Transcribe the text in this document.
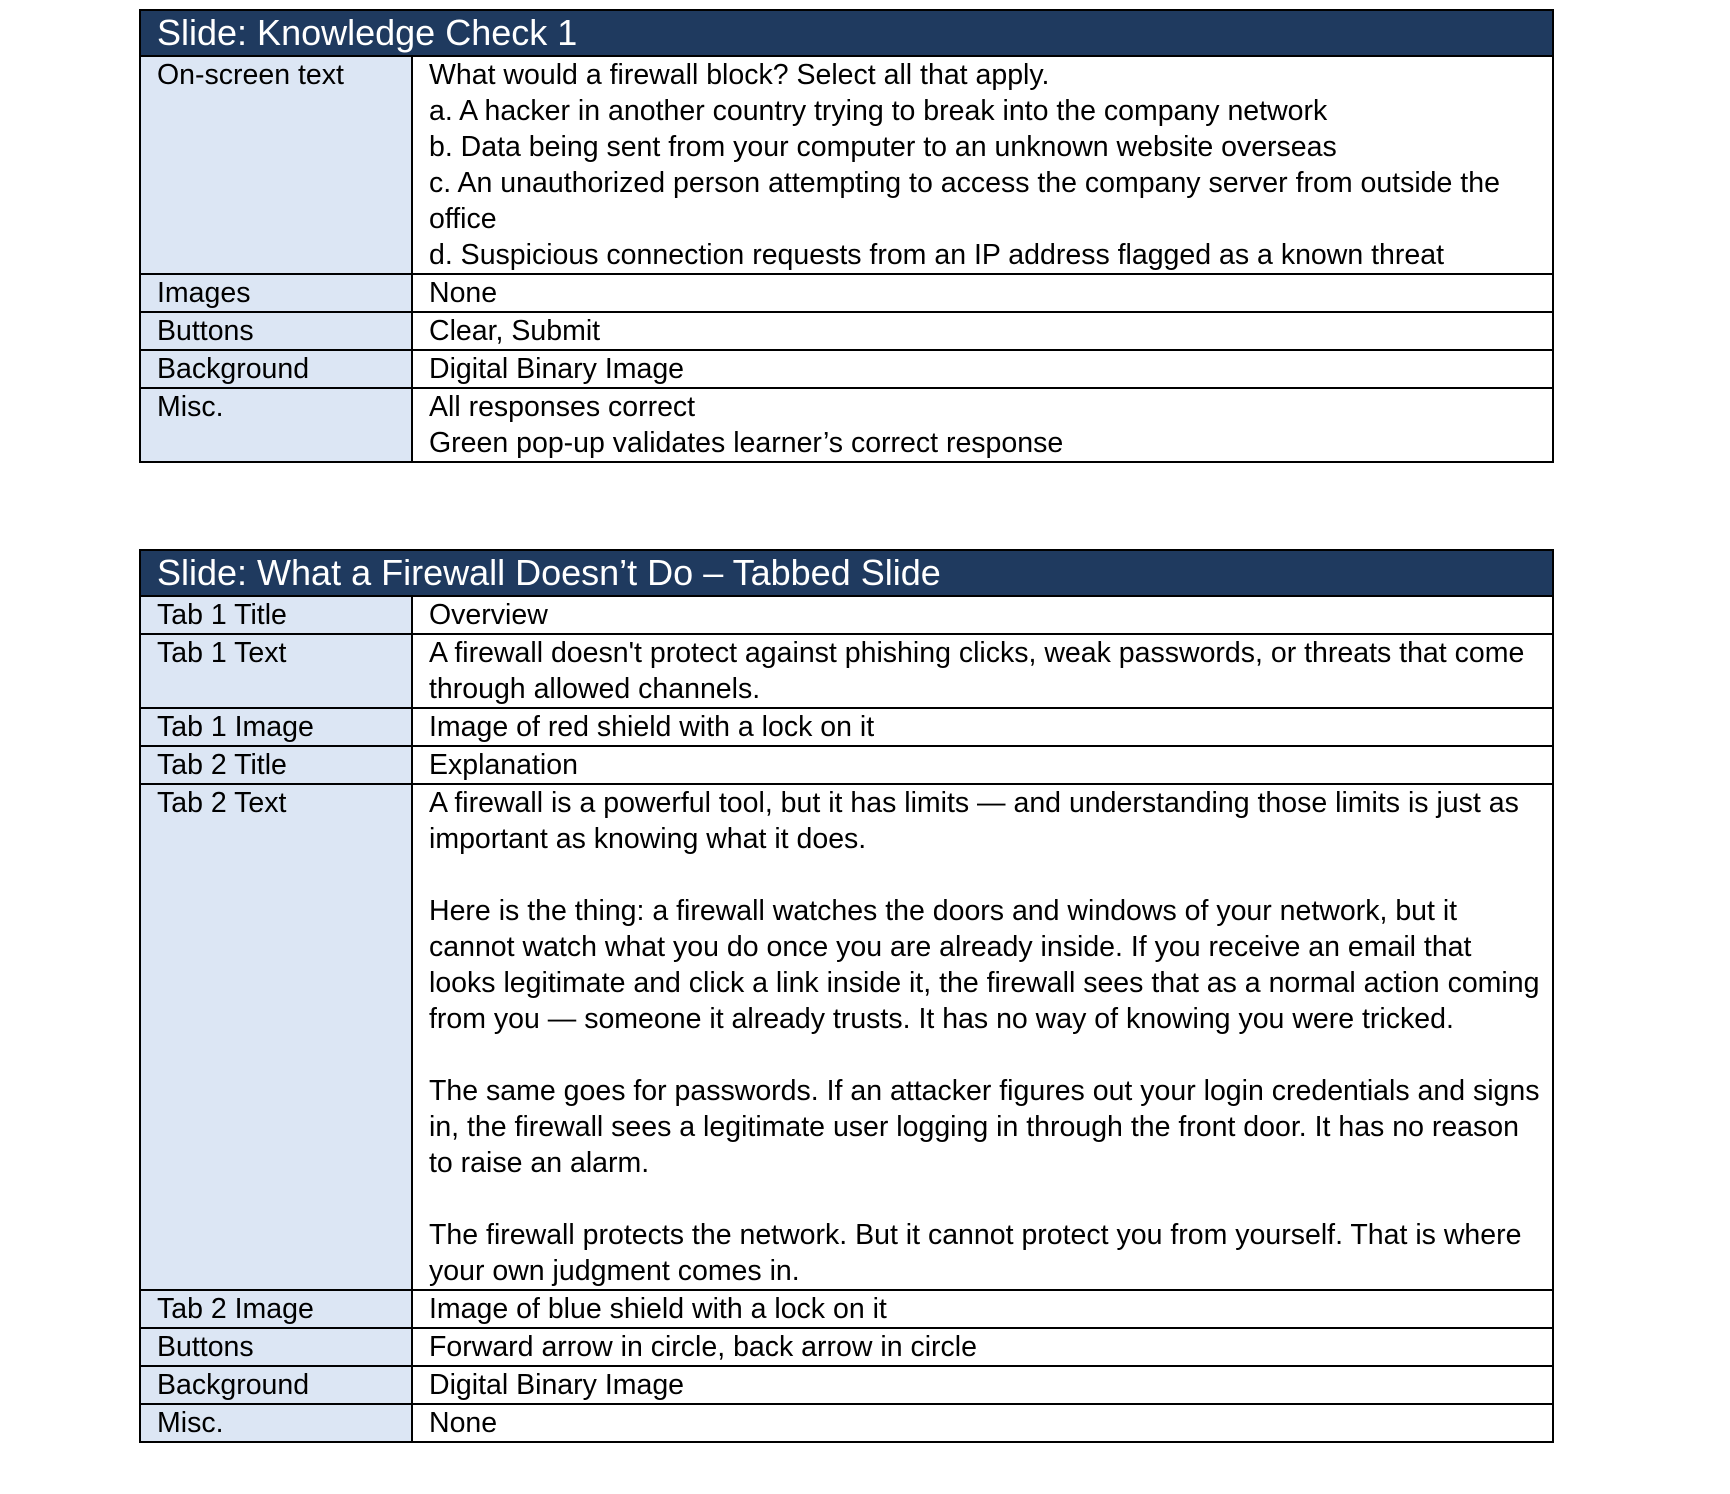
Slide: Knowledge Check 1	
On-screen text	What would a firewall block? Select all that apply.
a. A hacker in another country trying to break into the company network
b. Data being sent from your computer to an unknown website overseas
c. An unauthorized person attempting to access the company server from outside the office
d. Suspicious connection requests from an IP address flagged as a known threat

Images	None
Buttons	Clear, Submit
Background	Digital Binary Image
Misc.	All responses correct
Green pop-up validates learner’s correct response
Slide: What a Firewall Doesn’t Do – Tabbed Slide	
Tab 1 Title	Overview
Tab 1 Text	A firewall doesn't protect against phishing clicks, weak passwords, or threats that come through allowed channels.
Tab 1 Image	Image of red shield with a lock on it
Tab 2 Title	Explanation
Tab 2 Text	A firewall is a powerful tool, but it has limits — and understanding those limits is just as important as knowing what it does.
Here is the thing: a firewall watches the doors and windows of your network, but it cannot watch what you do once you are already inside. If you receive an email that looks legitimate and click a link inside it, the firewall sees that as a normal action coming from you — someone it already trusts. It has no way of knowing you were tricked.
The same goes for passwords. If an attacker figures out your login credentials and signs in, the firewall sees a legitimate user logging in through the front door. It has no reason to raise an alarm.
The firewall protects the network. But it cannot protect you from yourself. That is where your own judgment comes in.

Tab 2 Image	Image of blue shield with a lock on it
Buttons	Forward arrow in circle, back arrow in circle
Background	Digital Binary Image
Misc.	None
